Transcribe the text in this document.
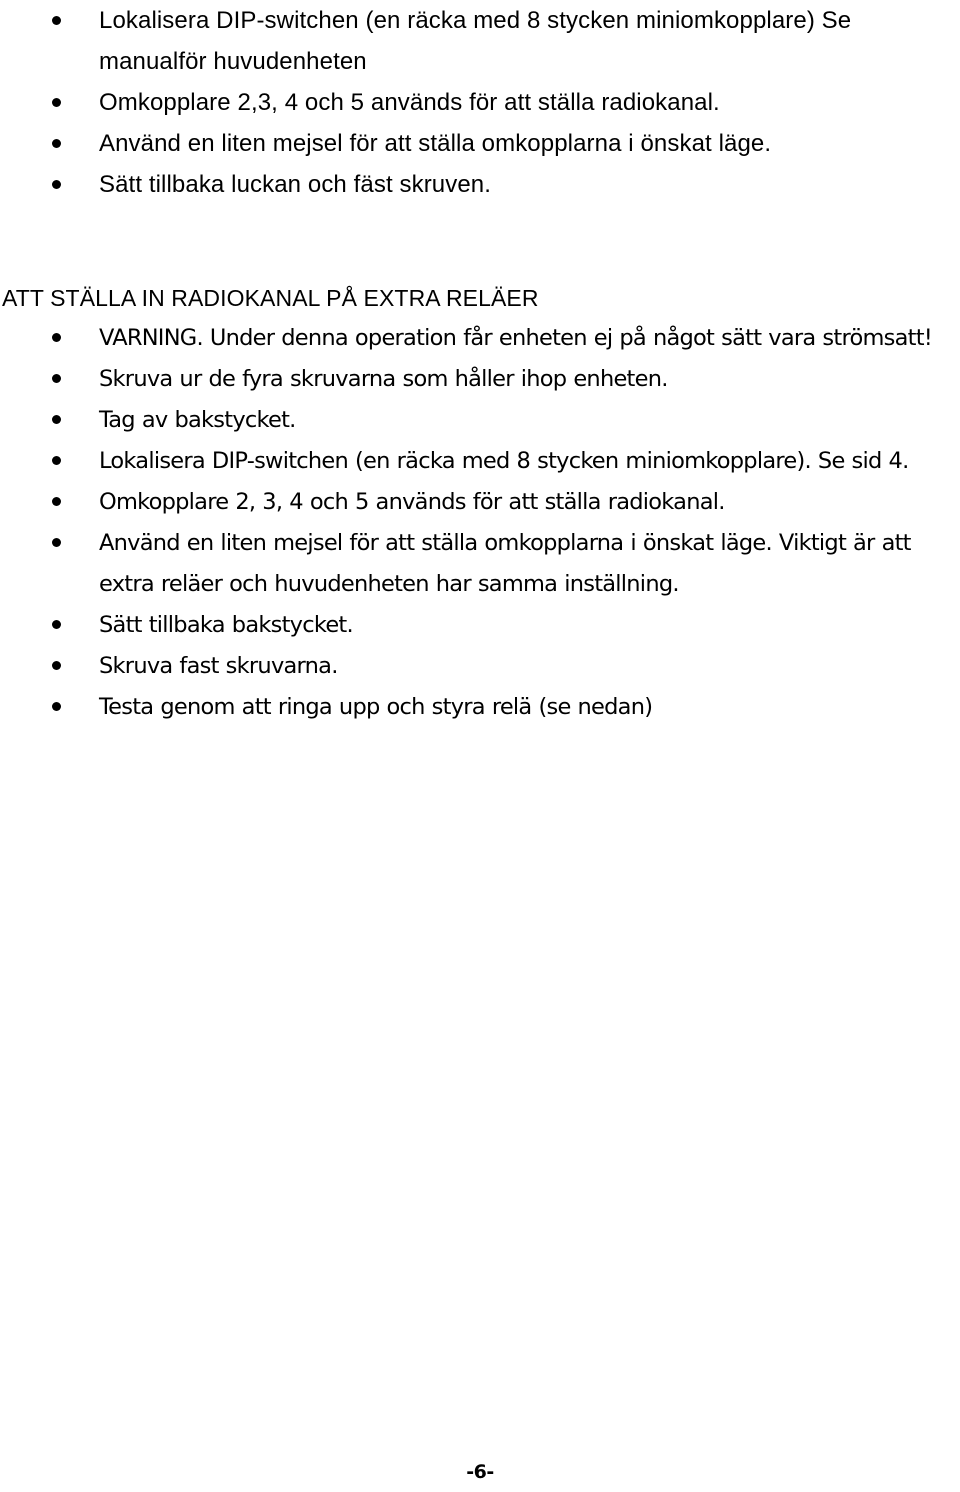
Lokalisera DIP-switchen (en räcka med 8 stycken miniomkopplare) Se manualför huvudenheten
Omkopplare 2,3, 4 och 5 används för att ställa radiokanal.
Använd en liten mejsel för att ställa omkopplarna i önskat läge.
Sätt tillbaka luckan och fäst skruven.
ATT STÄLLA IN RADIOKANAL PÅ EXTRA RELÄER
VARNING. Under denna operation får enheten ej på något sätt vara strömsatt!
Skruva ur de fyra skruvarna som håller ihop enheten.
Tag av bakstycket.
Lokalisera DIP-switchen (en räcka med 8 stycken miniomkopplare). Se sid 4.
Omkopplare 2, 3, 4 och 5 används för att ställa radiokanal.
Använd en liten mejsel för att ställa omkopplarna i önskat läge. Viktigt är att extra reläer och huvudenheten har samma inställning.
Sätt tillbaka bakstycket.
Skruva fast skruvarna.
Testa genom att ringa upp och styra relä (se nedan)
-6-
